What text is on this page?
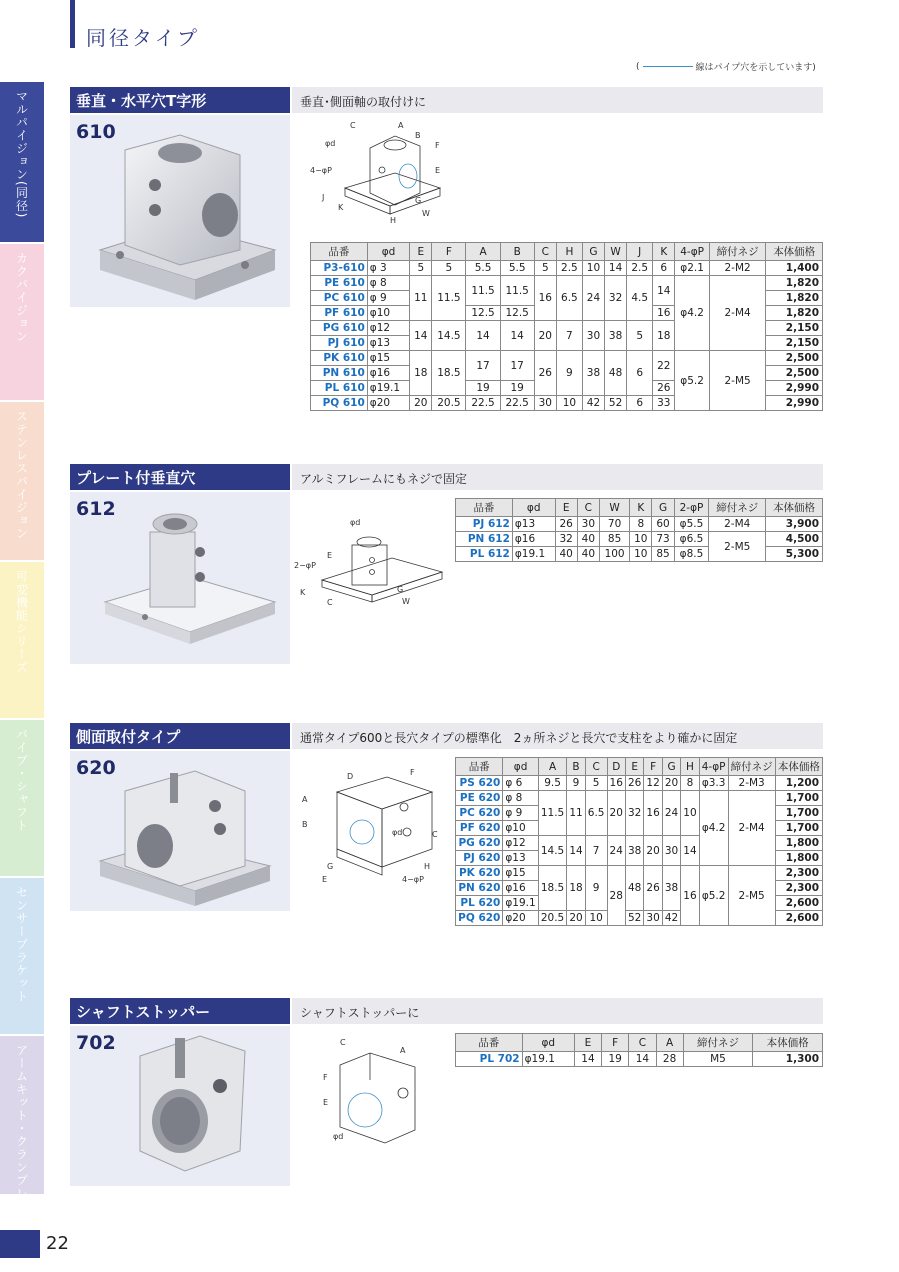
同径タイプ
(	線はパイプ穴を示しています)
マルパイジョン(同径)
カクパイジョン
ステンレスパイジョン
可変機能シリーズ
パイプ・シャフト
センサーブラケット
アームキット・クランプレバー
垂直・水平穴T字形	垂直･側面軸の取付けに
610	C	A
B
φd	F
E
4−φP
J
K
H
G
W
品番	φd	E	F	A	B	C	H	G	W	J	K	4-φP	締付ネジ	本体価格
P3-610	φ 3	5	5	5.5	5.5	5	2.5	10	14	2.5	6	φ2.1	2-M2	1,400
PE 610	φ 8	11	11.5	11.5	11.5	16	6.5	24	32	4.5	14	φ4.2	2-M4	1,820
PC 610	φ 9													1,820
PF 610	φ10			12.5	12.5						16			1,820
PG 610	φ12	14	14.5	14	14	20	7	30	38	5	18			2,150
PJ 610	φ13													2,150
PK 610	φ15	18	18.5	17	17	26	9	38	48	6	22	φ5.2	2-M5	2,500
PN 610	φ16													2,500
PL 610	φ19.1			19	19						26			2,990
PQ 610	φ20	20	20.5	22.5	22.5	30	10	42	52	6	33			2,990
プレート付垂直穴	アルミフレームにもネジで固定
612
φd
E
2−φP
K
C
G
W
品番	φd	E	C	W	K	G	2-φP	締付ネジ	本体価格
PJ 612	φ13	26	30	70	8	60	φ5.5	2-M4	3,900
PN 612	φ16	32	40	85	10	73	φ6.5	2-M5	4,500
PL 612	φ19.1	40	40	100	10	85	φ8.5		5,300
側面取付タイプ	通常タイプ600と長穴タイプの標準化　2ヵ所ネジと長穴で支柱をより確かに固定
620	D	F
A
B
φd	C
G
E
H
4−φP
品番	φd	A	B	C	D	E	F	G	H	4-φP	締付ネジ	本体価格
PS 620	φ 6	9.5	9	5	16	26	12	20	8	φ3.3	2-M3	1,200
PE 620	φ 8	11.5	11	6.5	20	32	16	24	10	φ4.2	2-M4	1,700
PC 620	φ 9											1,700
PF 620	φ10											1,700
PG 620	φ12	14.5	14	7	24	38	20	30	14			1,800
PJ 620	φ13											1,800
PK 620	φ15	18.5	18	9	28	48	26	38	16	φ5.2	2-M5	2,300
PN 620	φ16											2,300
PL 620	φ19.1											2,600
PQ 620	φ20	20.5	20	10		52	30	42				2,600
シャフトストッパー	シャフトストッパーに
702	C
A
F
E
φd
品番	φd	E	F	C	A	締付ネジ	本体価格
PL 702	φ19.1	14	19	14	28	M5	1,300
22
